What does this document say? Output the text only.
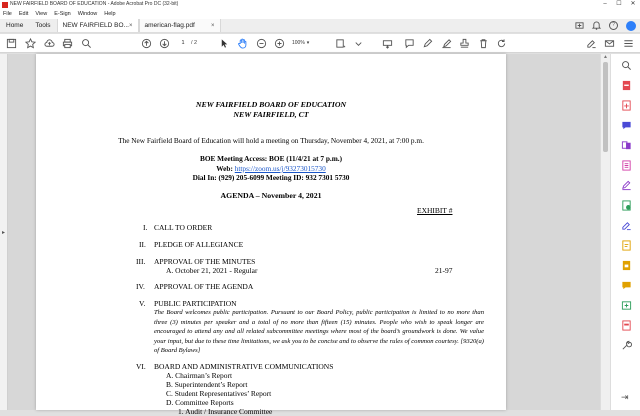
NEW FAIRFIELD BOARD OF EDUCATION - Adobe Acrobat Pro DC (32-bit)	–	☐	✕
File Edit View E-Sign Window Help
Home	Tools	NEW FAIRFIELD BO... × american-flag.pdf	×	?
1	/ 2	100% ▾
▸
NEW FAIRFIELD BOARD OF EDUCATION
NEW FAIRFIELD, CT
The New Fairfield Board of Education will hold a meeting on Thursday, November 4, 2021, at 7:00 p.m.
BOE Meeting Access: BOE (11/4/21 at 7 p.m.)
Web: https://zoom.us/j/93273015730
Dial In: (929) 205-6099 Meeting ID: 932 7301 5730
AGENDA – November 4, 2021
EXHIBIT #
I. CALL TO ORDER
II. PLEDGE OF ALLEGIANCE
III. APPROVAL OF THE MINUTES
A. October 21, 2021 - Regular	21-97
IV. APPROVAL OF THE AGENDA
V. PUBLIC PARTICIPATION
The Board welcomes public participation. Pursuant to our Board Policy, public participation is limited to no more than three (3) minutes per speaker and a total of no more than fifteen (15) minutes. People who wish to speak longer are encouraged to attend any and all related subcommittee meetings where most of the board’s groundwork is done. We value your input, but due to these time limitations, we ask you to be concise and to observe the rules of common courtesy. [9320(a) of Board Bylaws]
VI. BOARD AND ADMINISTRATIVE COMMUNICATIONS
A. Chairman’s Report
B. Superintendent’s Report
C. Student Representatives’ Report
D. Committee Reports
1. Audit / Insurance Committee
▲
⇥
